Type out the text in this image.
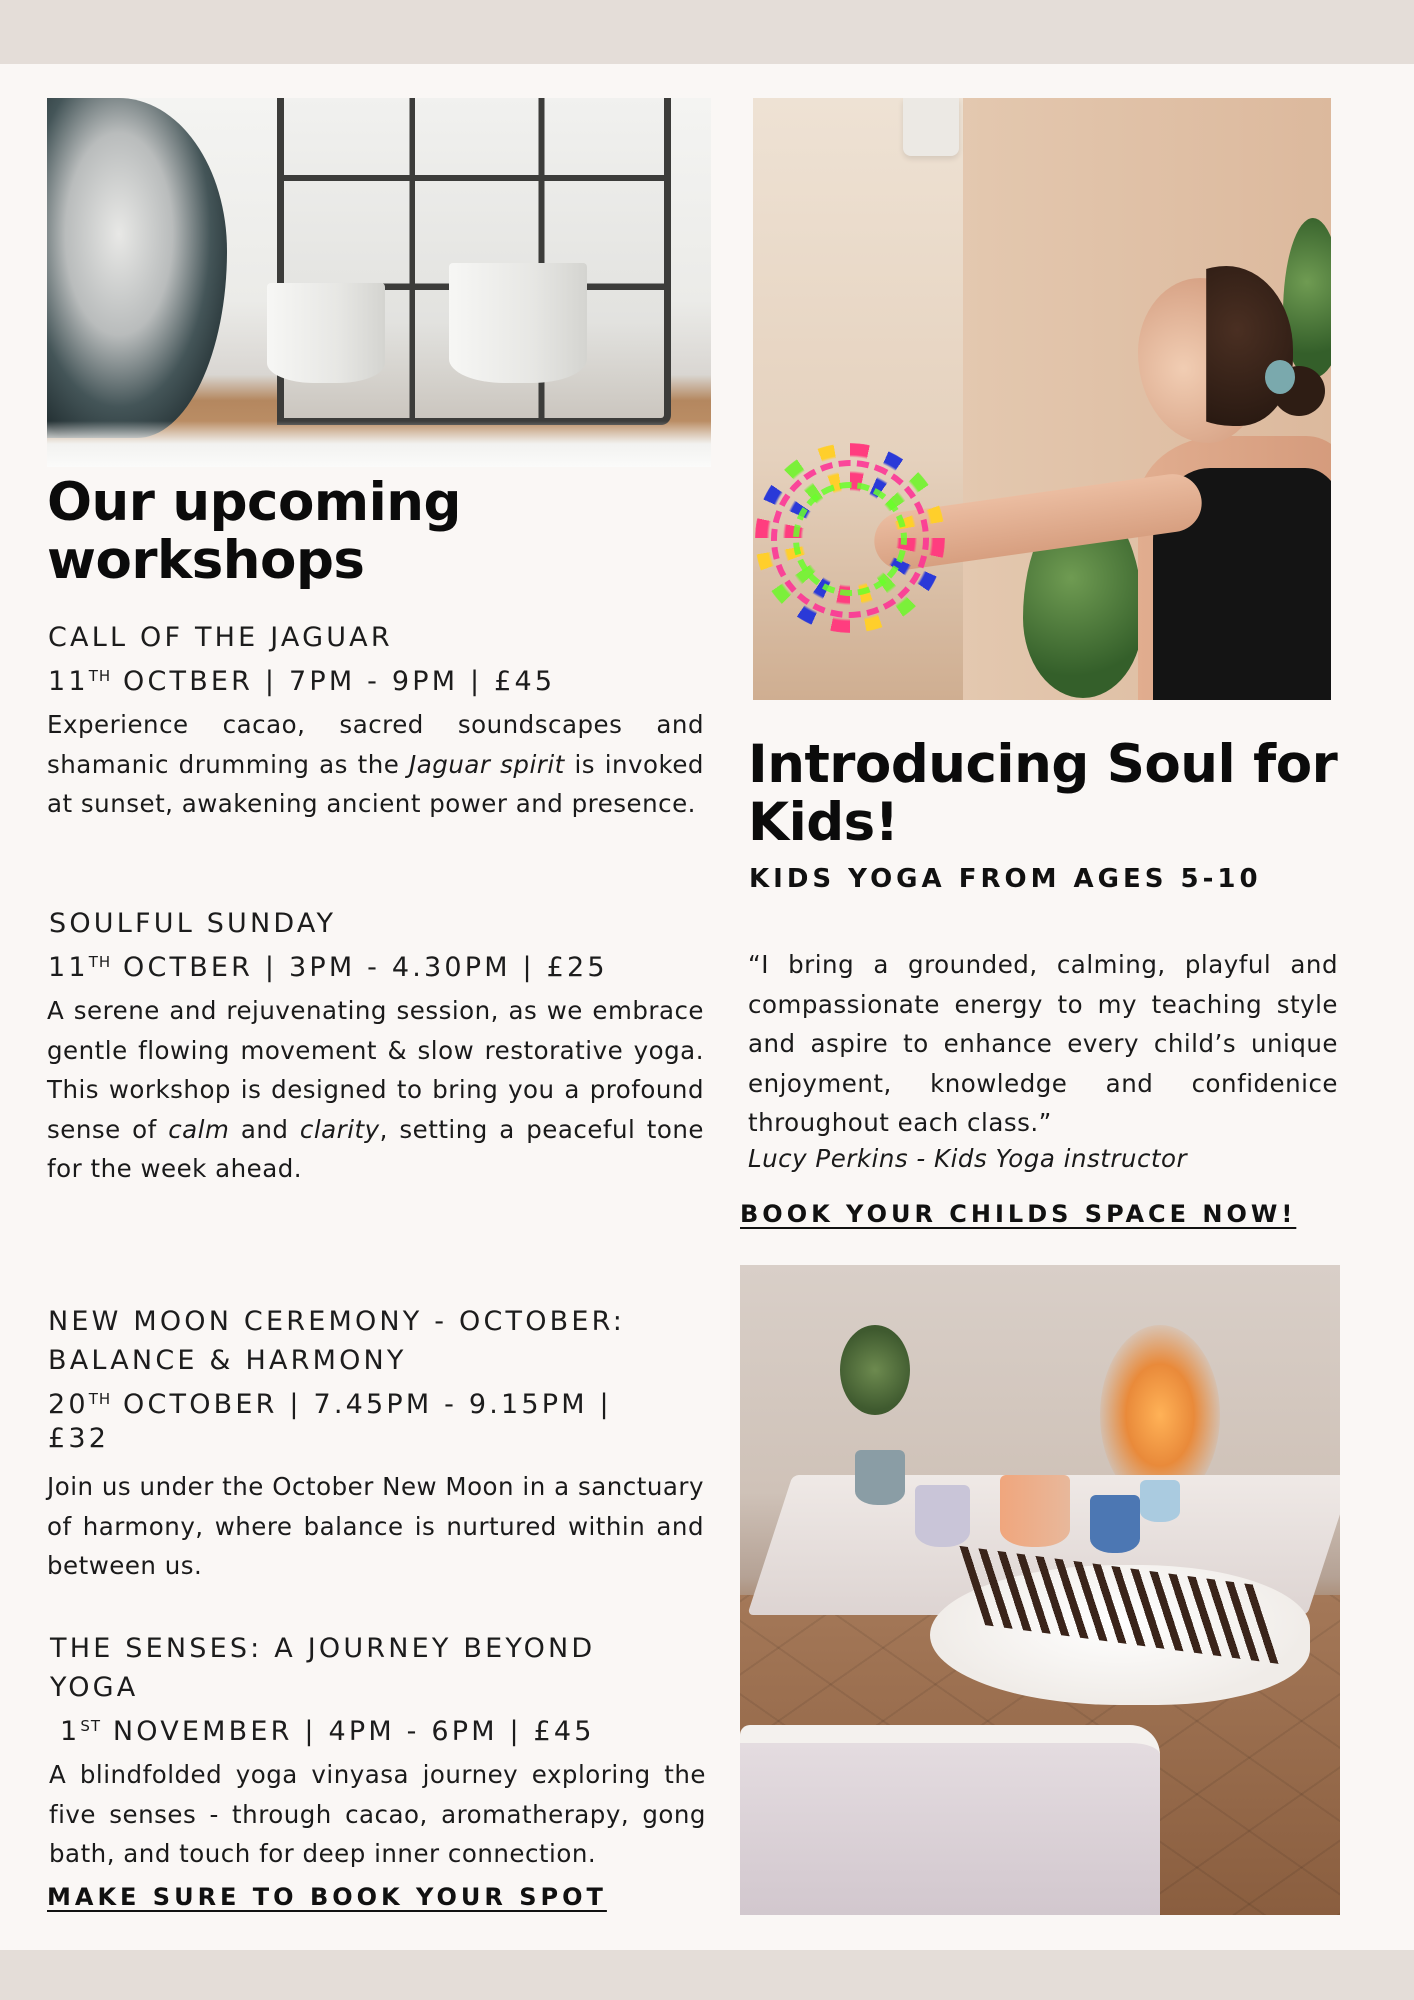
Our upcoming
workshops
CALL OF THE JAGUAR
11TH OCTBER | 7PM - 9PM | £45

Experience cacao, sacred soundscapes and shamanic drumming as the Jaguar spirit is invoked at sunset, awakening ancient power and presence.

SOULFUL SUNDAY
11TH OCTBER | 3PM - 4.30PM | £25

A serene and rejuvenating session, as we embrace gentle flowing movement & slow restorative yoga. This workshop is designed to bring you a profound sense of calm and clarity, setting a peaceful tone for the week ahead.

NEW MOON CEREMONY - OCTOBER:
BALANCE & HARMONY
20TH OCTOBER | 7.45PM - 9.15PM |
£32

Join us under the October New Moon in a sanctuary of harmony, where balance is nurtured within and between us.

THE SENSES: A JOURNEY BEYOND
YOGA
1ST NOVEMBER | 4PM - 6PM | £45

A blindfolded yoga vinyasa journey exploring the five senses - through cacao, aromatherapy, gong bath, and touch for deep inner connection.

MAKE SURE TO BOOK YOUR SPOT
Introducing Soul for
Kids!
KIDS YOGA FROM AGES 5-10

“I bring a grounded, calming, playful and compassionate energy to my teaching style and aspire to enhance every child’s unique enjoyment, knowledge and confidenice throughout each class.”

Lucy Perkins - Kids Yoga instructor
BOOK YOUR CHILDS SPACE NOW!
